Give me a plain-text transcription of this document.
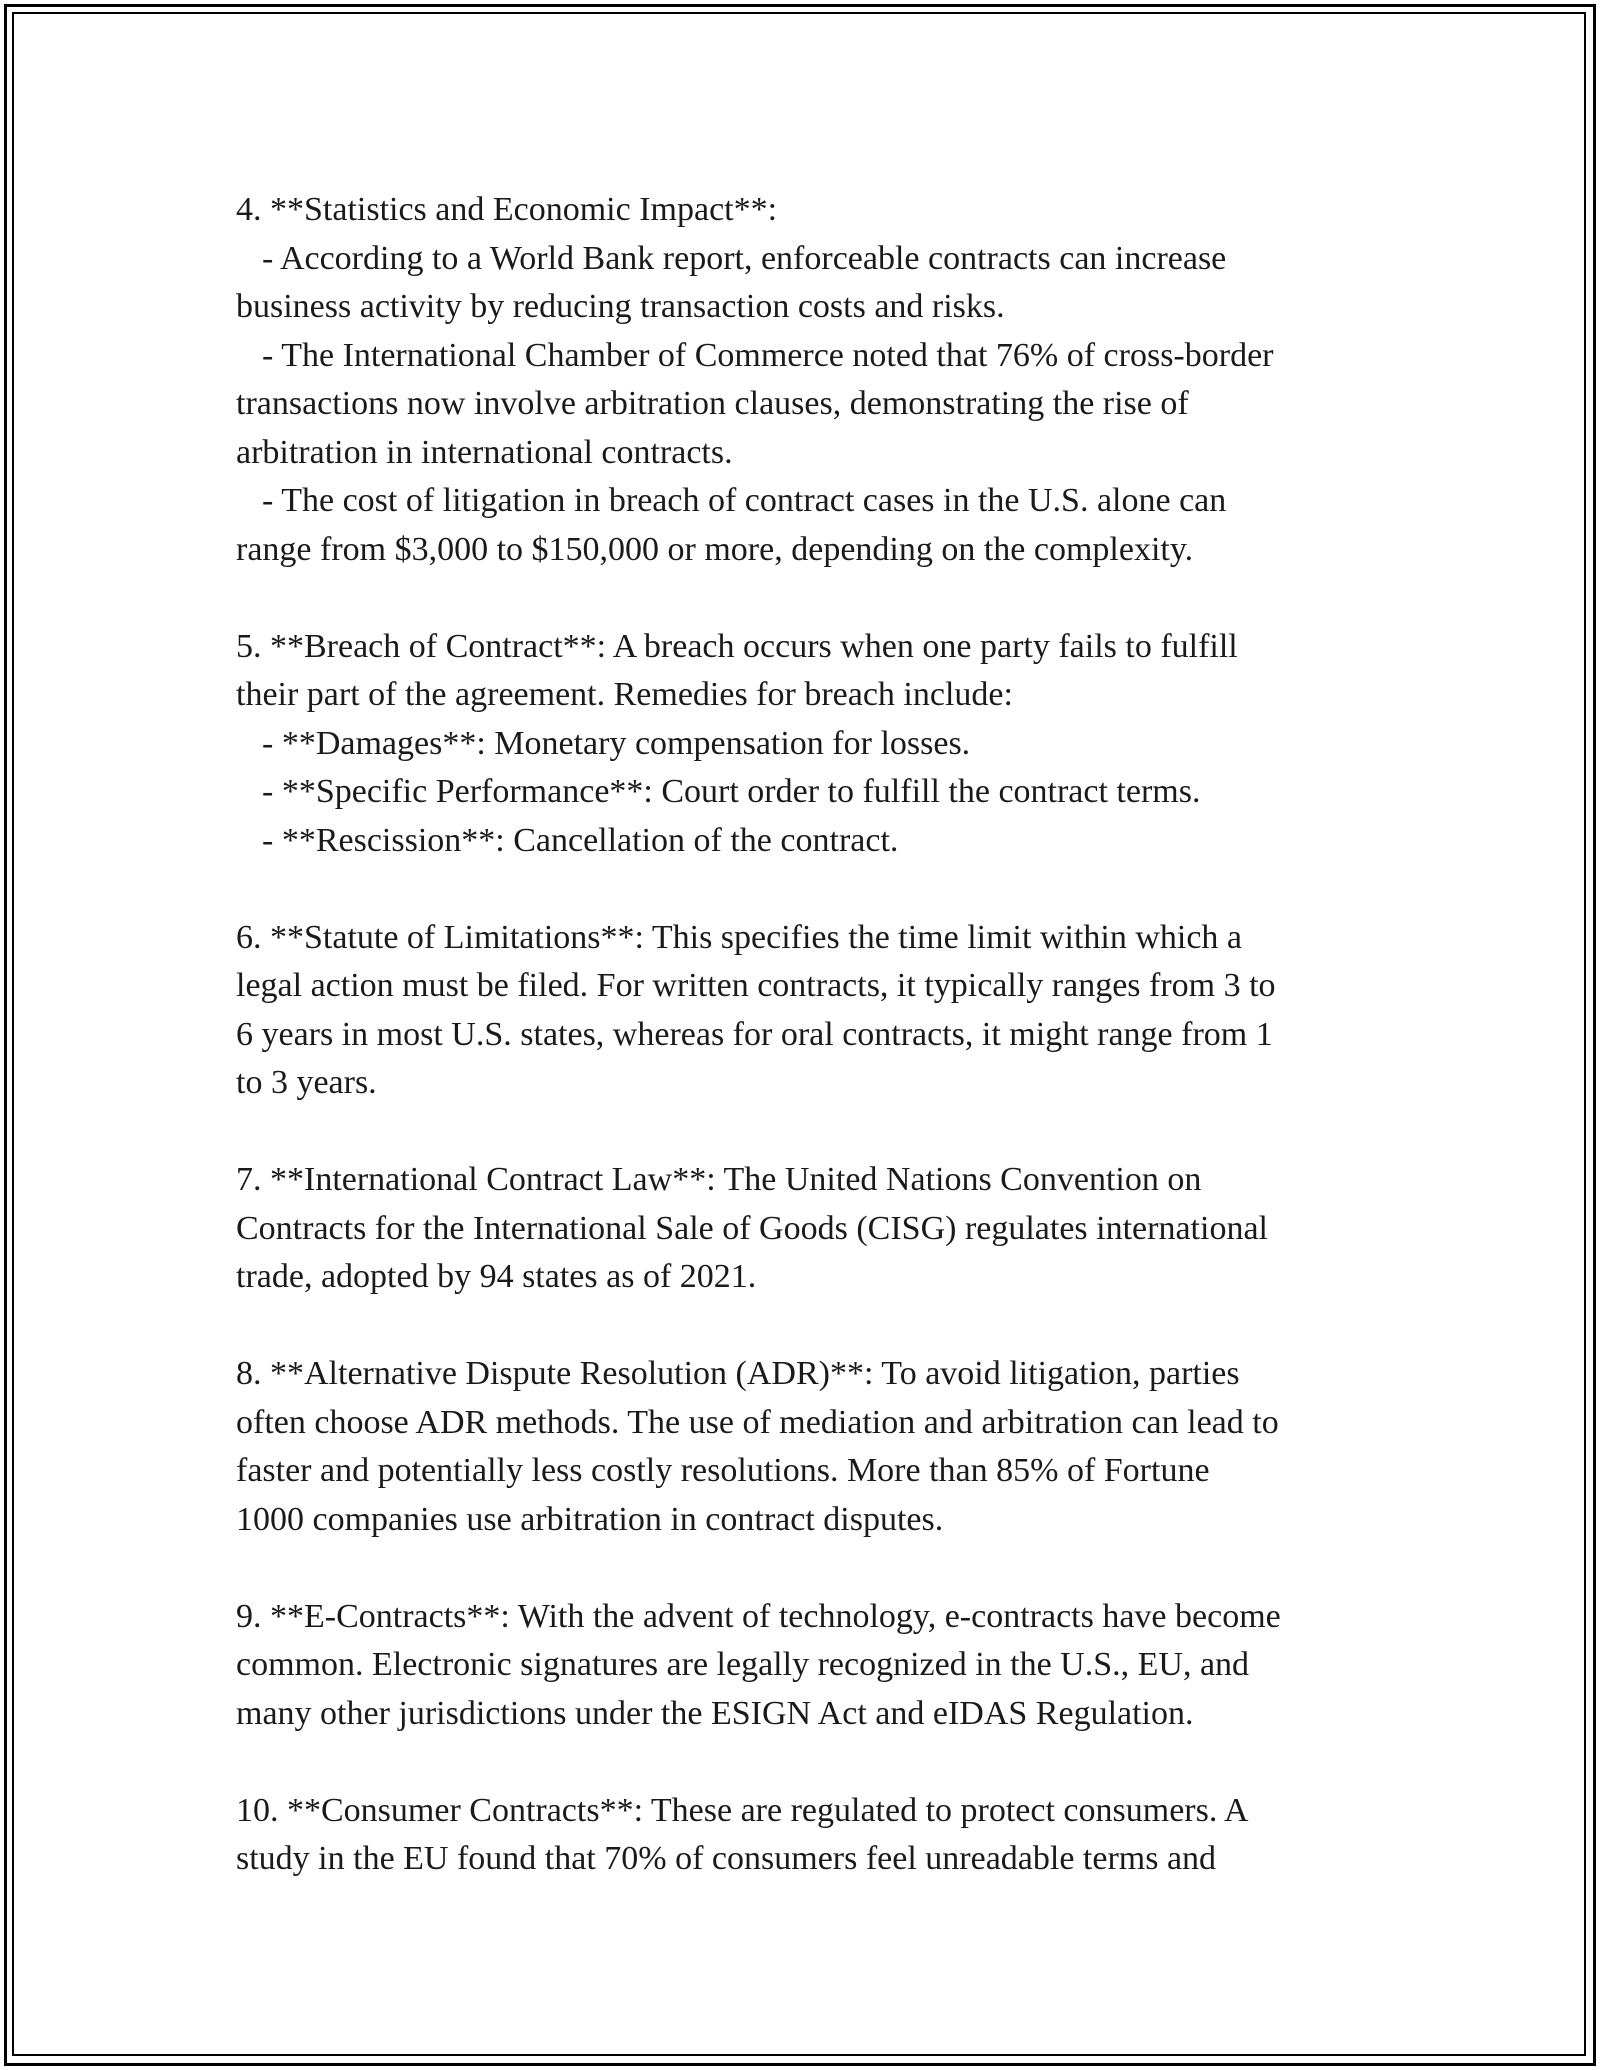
4. **Statistics and Economic Impact**:
- According to a World Bank report, enforceable contracts can increase
business activity by reducing transaction costs and risks.
- The International Chamber of Commerce noted that 76% of cross-border
transactions now involve arbitration clauses, demonstrating the rise of
arbitration in international contracts.
- The cost of litigation in breach of contract cases in the U.S. alone can
range from $3,000 to $150,000 or more, depending on the complexity.
5. **Breach of Contract**: A breach occurs when one party fails to fulfill
their part of the agreement. Remedies for breach include:
- **Damages**: Monetary compensation for losses.
- **Specific Performance**: Court order to fulfill the contract terms.
- **Rescission**: Cancellation of the contract.
6. **Statute of Limitations**: This specifies the time limit within which a
legal action must be filed. For written contracts, it typically ranges from 3 to
6 years in most U.S. states, whereas for oral contracts, it might range from 1
to 3 years.
7. **International Contract Law**: The United Nations Convention on
Contracts for the International Sale of Goods (CISG) regulates international
trade, adopted by 94 states as of 2021.
8. **Alternative Dispute Resolution (ADR)**: To avoid litigation, parties
often choose ADR methods. The use of mediation and arbitration can lead to
faster and potentially less costly resolutions. More than 85% of Fortune
1000 companies use arbitration in contract disputes.
9. **E-Contracts**: With the advent of technology, e-contracts have become
common. Electronic signatures are legally recognized in the U.S., EU, and
many other jurisdictions under the ESIGN Act and eIDAS Regulation.
10. **Consumer Contracts**: These are regulated to protect consumers. A
study in the EU found that 70% of consumers feel unreadable terms and
